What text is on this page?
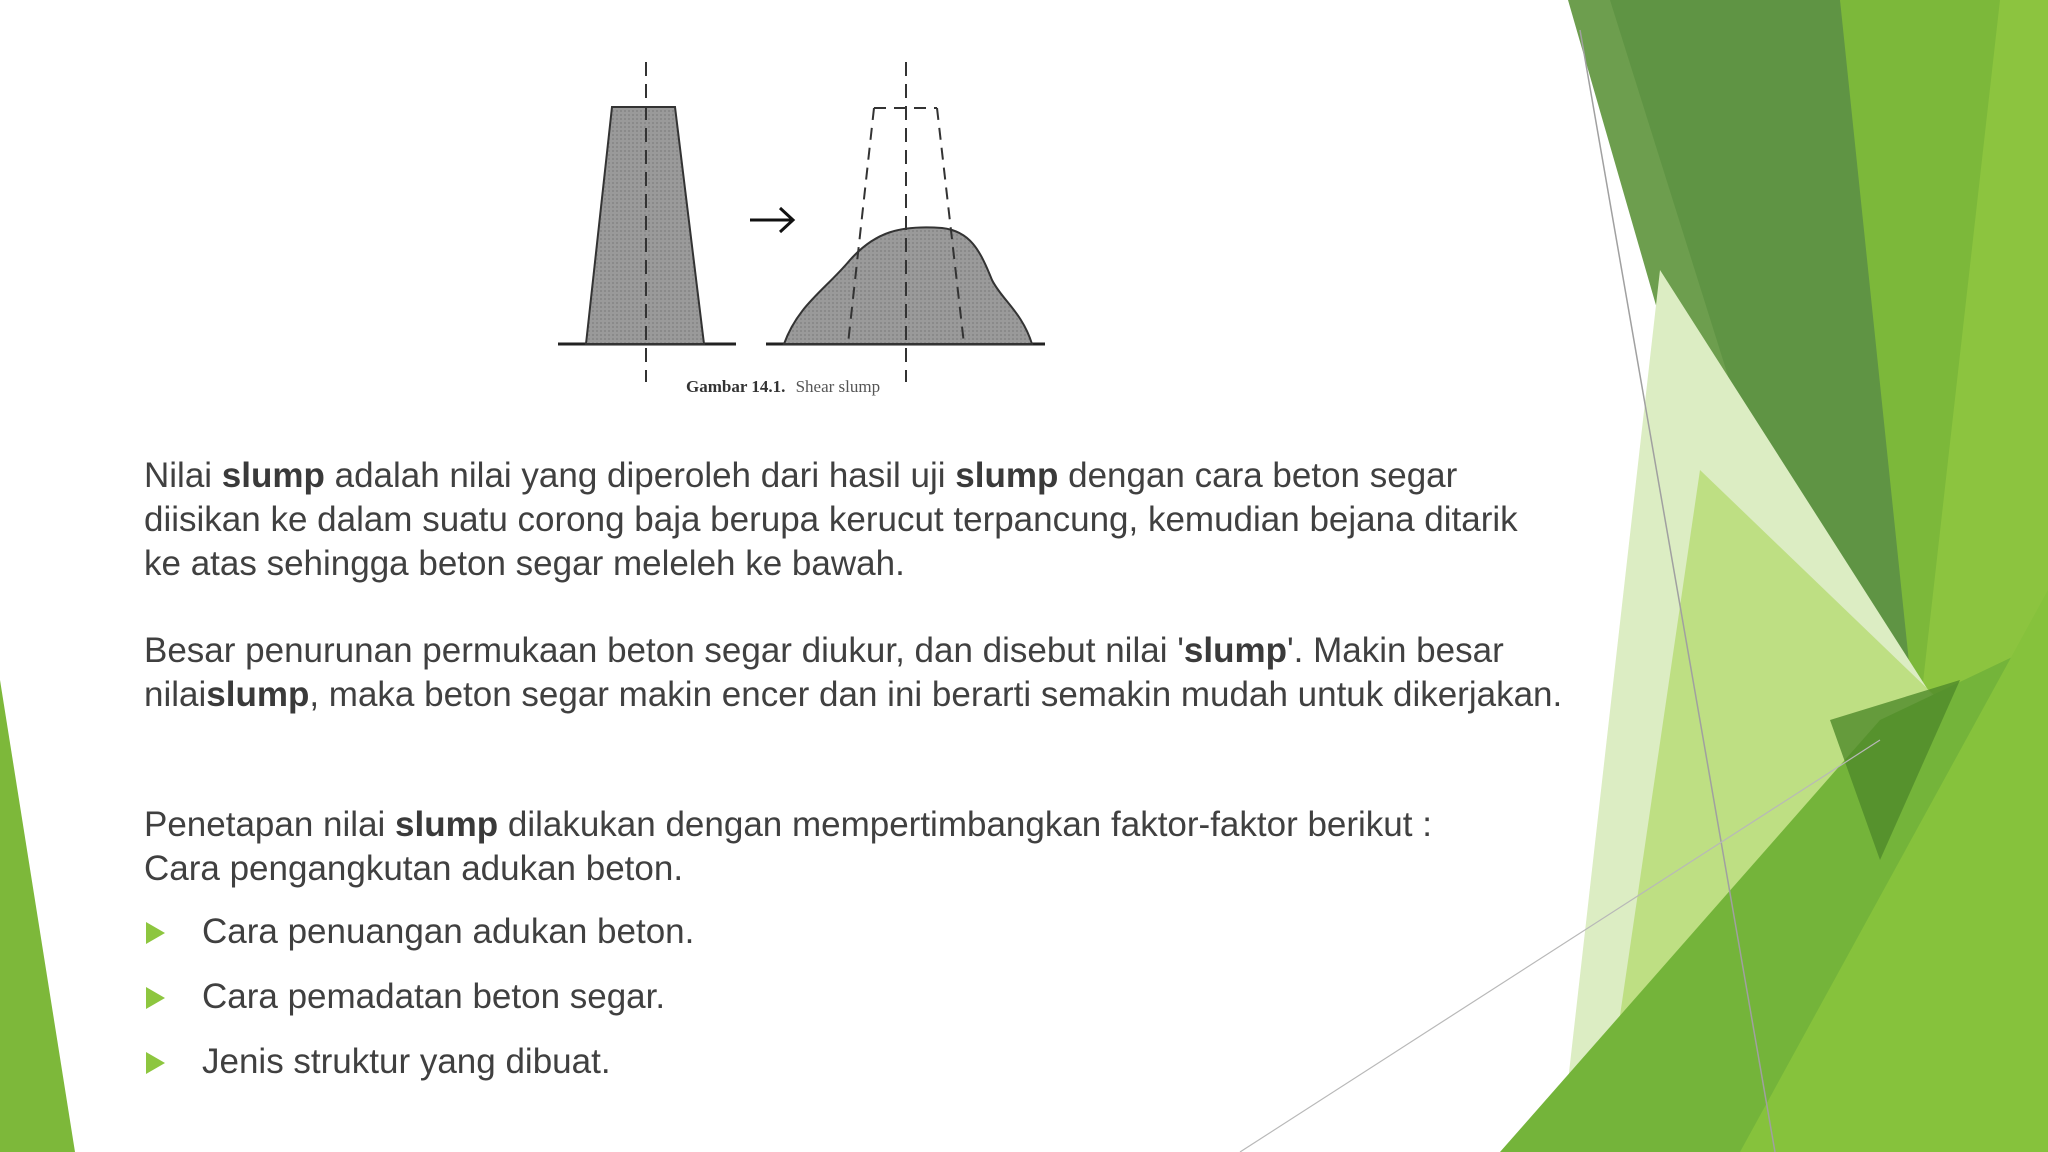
Gambar 14.1. Shear slump

Nilai slump adalah nilai yang diperoleh dari hasil uji slump dengan cara beton segar
diisikan ke dalam suatu corong baja berupa kerucut terpancung, kemudian bejana ditarik
ke atas sehingga beton segar meleleh ke bawah.

Besar penurunan permukaan beton segar diukur, dan disebut nilai 'slump'. Makin besar
nilaislump, maka beton segar makin encer dan ini berarti semakin mudah untuk dikerjakan.

Penetapan nilai slump dilakukan dengan mempertimbangkan faktor-faktor berikut :
Cara pengangkutan adukan beton.

Cara penuangan adukan beton.
Cara pemadatan beton segar.
Jenis struktur yang dibuat.
